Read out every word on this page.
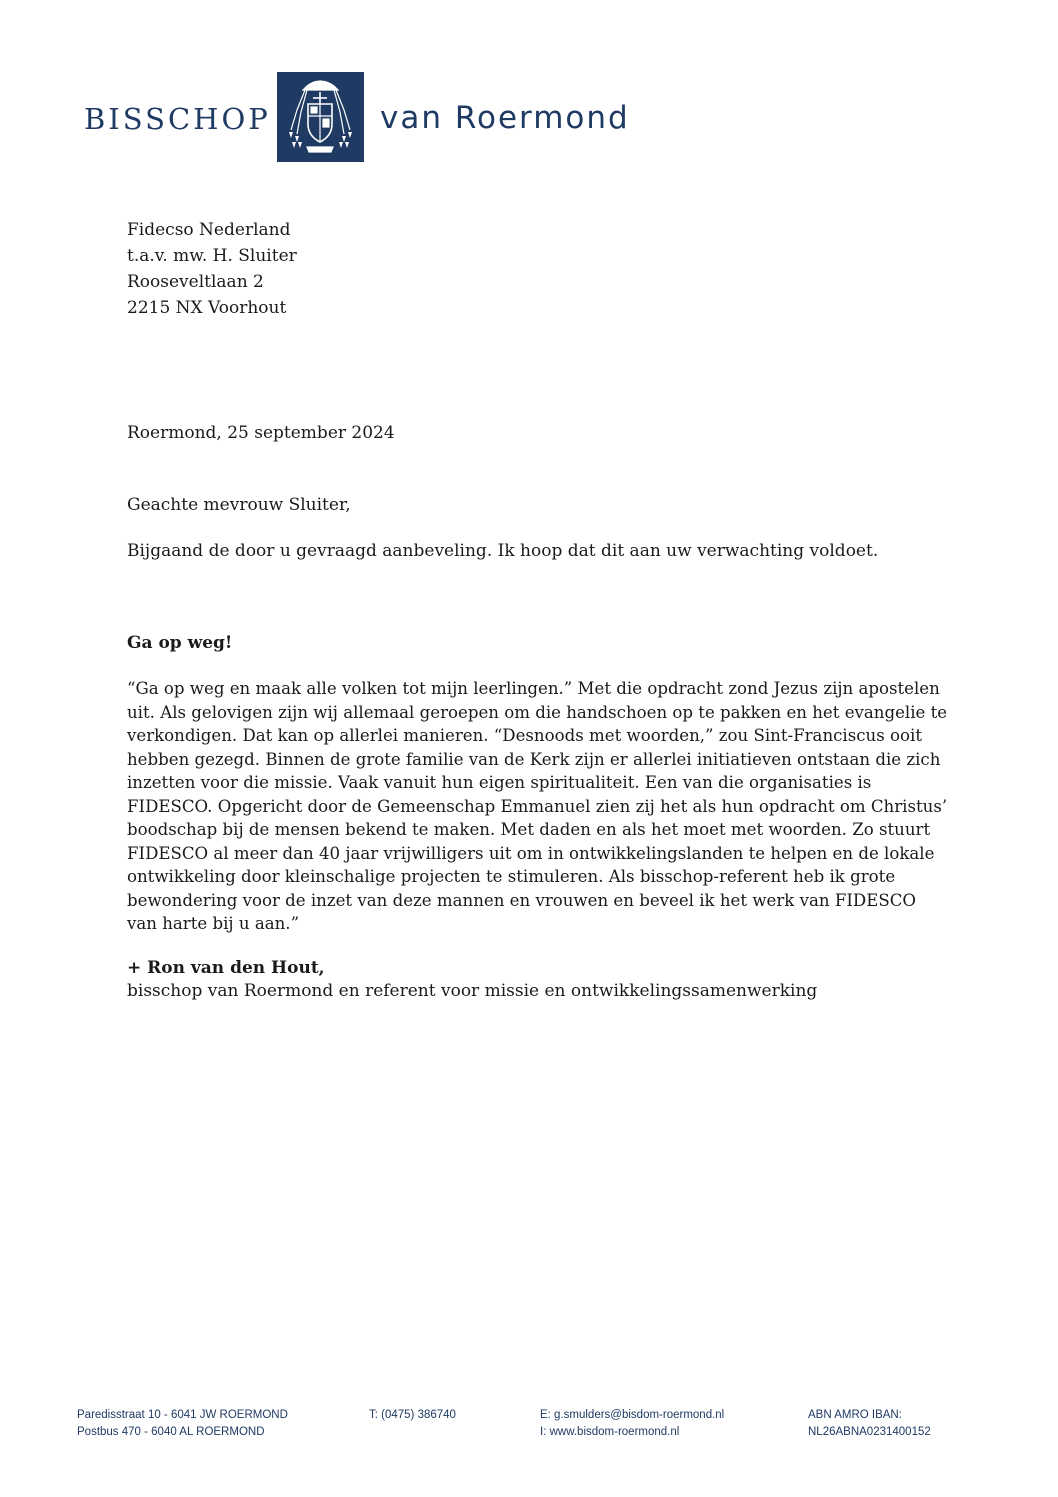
BISSCHOP	van Roermond
Fidecso Nederland
t.a.v. mw. H. Sluiter
Rooseveltlaan 2
2215 NX Voorhout
Roermond, 25 september 2024
Geachte mevrouw Sluiter,
Bijgaand de door u gevraagd aanbeveling. Ik hoop dat dit aan uw verwachting voldoet.
Ga op weg!
“Ga op weg en maak alle volken tot mijn leerlingen.” Met die opdracht zond Jezus zijn apostelen
uit. Als gelovigen zijn wij allemaal geroepen om die handschoen op te pakken en het evangelie te
verkondigen. Dat kan op allerlei manieren. “Desnoods met woorden,” zou Sint-Franciscus ooit
hebben gezegd. Binnen de grote familie van de Kerk zijn er allerlei initiatieven ontstaan die zich
inzetten voor die missie. Vaak vanuit hun eigen spiritualiteit. Een van die organisaties is
FIDESCO. Opgericht door de Gemeenschap Emmanuel zien zij het als hun opdracht om Christus’
boodschap bij de mensen bekend te maken. Met daden en als het moet met woorden. Zo stuurt
FIDESCO al meer dan 40 jaar vrijwilligers uit om in ontwikkelingslanden te helpen en de lokale
ontwikkeling door kleinschalige projecten te stimuleren. Als bisschop-referent heb ik grote
bewondering voor de inzet van deze mannen en vrouwen en beveel ik het werk van FIDESCO
van harte bij u aan.”
+ Ron van den Hout,
bisschop van Roermond en referent voor missie en ontwikkelingssamenwerking
Paredisstraat 10 - 6041 JW ROERMOND
Postbus 470 - 6040 AL ROERMOND
T: (0475) 386740	E: g.smulders@bisdom-roermond.nl
I: www.bisdom-roermond.nl
ABN AMRO IBAN:
NL26ABNA0231400152
